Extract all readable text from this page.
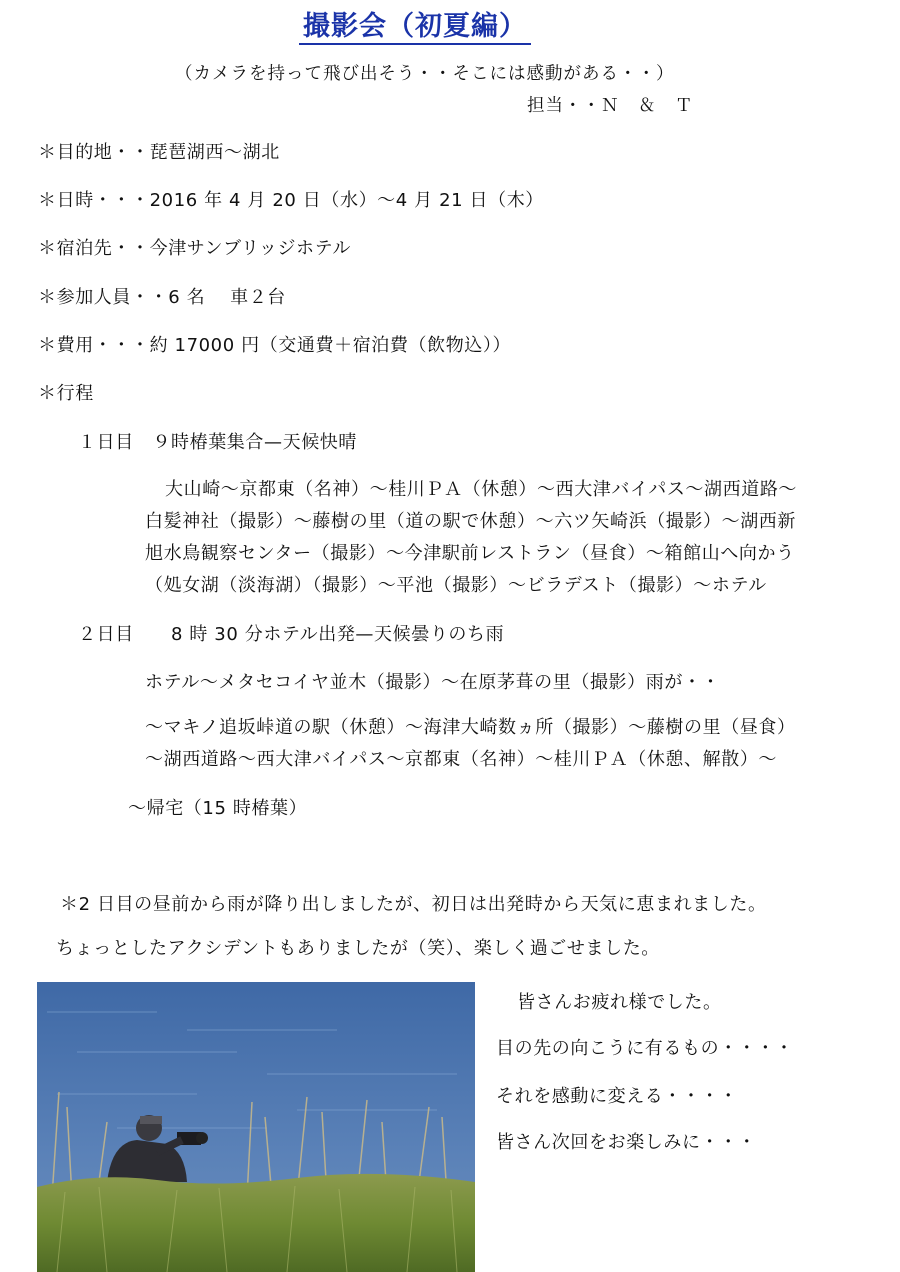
撮影会（初夏編）
（カメラを持って飛び出そう・・そこには感動がある・・）
担当・・Ｎ　＆　Ｔ
＊目的地・・琵琶湖西〜湖北
＊日時・・・2016 年 4 月 20 日（水）〜4 月 21 日（木）
＊宿泊先・・今津サンブリッジホテル
＊参加人員・・6 名　 車２台
＊費用・・・約 17000 円（交通費＋宿泊費（飲物込））
＊行程
１日目　９時椿葉集合—天候快晴
大山崎〜京都東（名神）〜桂川ＰＡ（休憩）〜西大津バイパス〜湖西道路〜
白髪神社（撮影）〜藤樹の里（道の駅で休憩）〜六ツ矢崎浜（撮影）〜湖西新
旭水鳥観察センター（撮影）〜今津駅前レストラン（昼食）〜箱館山へ向かう
（処女湖（淡海湖）（撮影）〜平池（撮影）〜ビラデスト（撮影）〜ホテル
２日目　　8 時 30 分ホテル出発—天候曇りのち雨
ホテル〜メタセコイヤ並木（撮影）〜在原茅葺の里（撮影）雨が・・
〜マキノ追坂峠道の駅（休憩）〜海津大崎数ヵ所（撮影）〜藤樹の里（昼食）
〜湖西道路〜西大津バイパス〜京都東（名神）〜桂川ＰＡ（休憩、解散）〜
〜帰宅（15 時椿葉）
＊2 日目の昼前から雨が降り出しましたが、初日は出発時から天気に恵まれました。
ちょっとしたアクシデントもありましたが（笑）、楽しく過ごせました。
皆さんお疲れ様でした。
目の先の向こうに有るもの・・・・
それを感動に変える・・・・
皆さん次回をお楽しみに・・・
